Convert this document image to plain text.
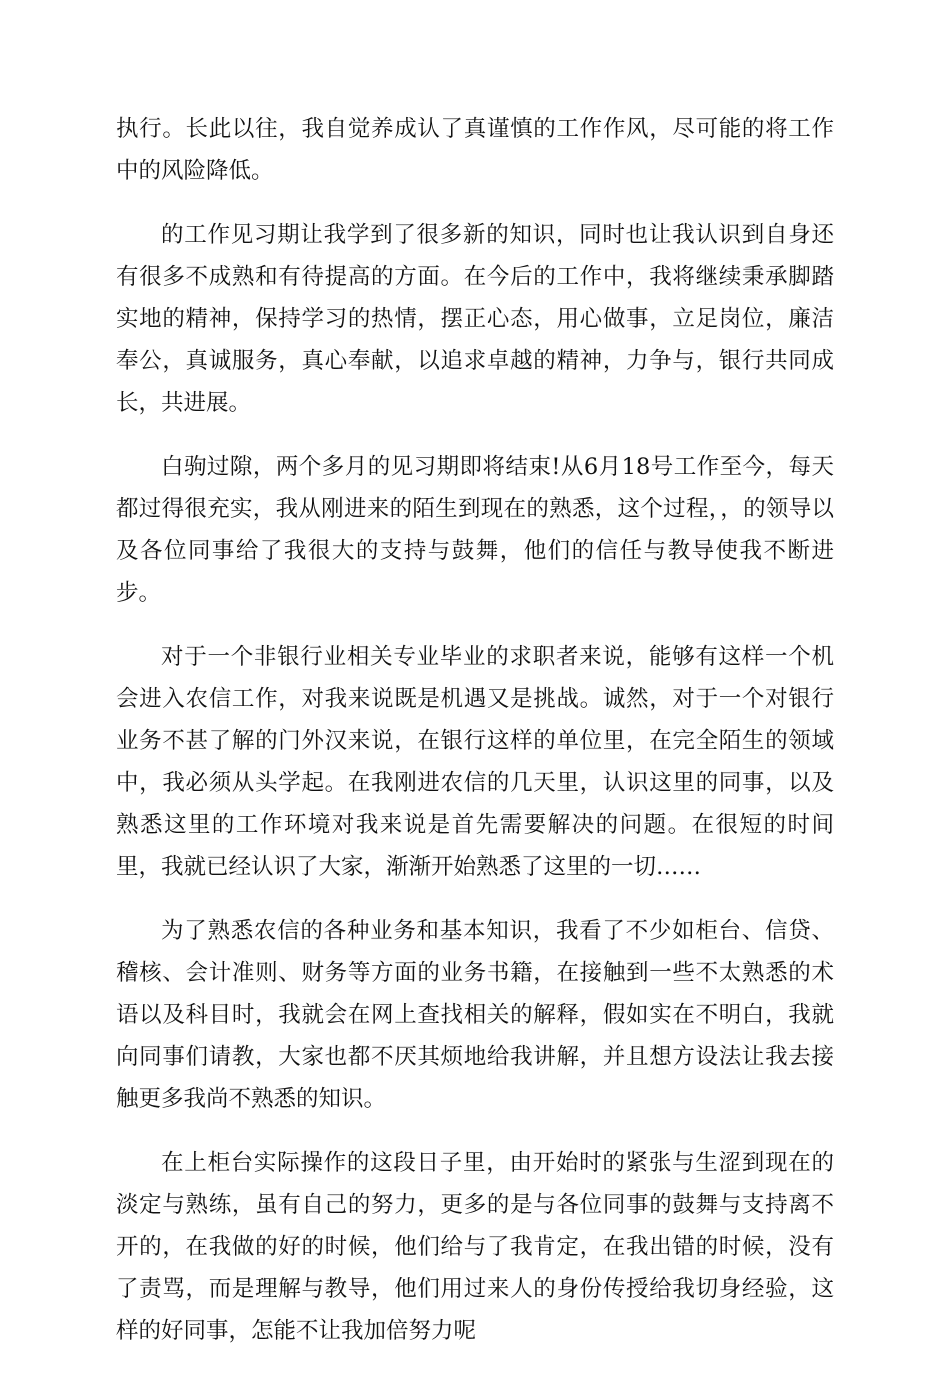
执行。长此以往，我自觉养成认了真谨慎的工作作风，尽可能的将工作中的风险降低。

的工作见习期让我学到了很多新的知识，同时也让我认识到自身还有很多不成熟和有待提高的方面。在今后的工作中，我将继续秉承脚踏实地的精神，保持学习的热情，摆正心态，用心做事，立足岗位，廉洁奉公，真诚服务，真心奉献，以追求卓越的精神，力争与，银行共同成长，共进展。

白驹过隙，两个多月的见习期即将结束!从6月18号工作至今，每天都过得很充实，我从刚进来的陌生到现在的熟悉，这个过程，，的领导以及各位同事给了我很大的支持与鼓舞，他们的信任与教导使我不断进步。

对于一个非银行业相关专业毕业的求职者来说，能够有这样一个机会进入农信工作，对我来说既是机遇又是挑战。诚然，对于一个对银行业务不甚了解的门外汉来说，在银行这样的单位里，在完全陌生的领域中，我必须从头学起。在我刚进农信的几天里，认识这里的同事，以及熟悉这里的工作环境对我来说是首先需要解决的问题。在很短的时间里，我就已经认识了大家，渐渐开始熟悉了这里的一切……

为了熟悉农信的各种业务和基本知识，我看了不少如柜台、信贷、稽核、会计准则、财务等方面的业务书籍，在接触到一些不太熟悉的术语以及科目时，我就会在网上查找相关的解释，假如实在不明白，我就向同事们请教，大家也都不厌其烦地给我讲解，并且想方设法让我去接触更多我尚不熟悉的知识。

在上柜台实际操作的这段日子里，由开始时的紧张与生涩到现在的淡定与熟练，虽有自己的努力，更多的是与各位同事的鼓舞与支持离不开的，在我做的好的时候，他们给与了我肯定，在我出错的时候，没有了责骂，而是理解与教导，他们用过来人的身份传授给我切身经验，这样的好同事，怎能不让我加倍努力呢
